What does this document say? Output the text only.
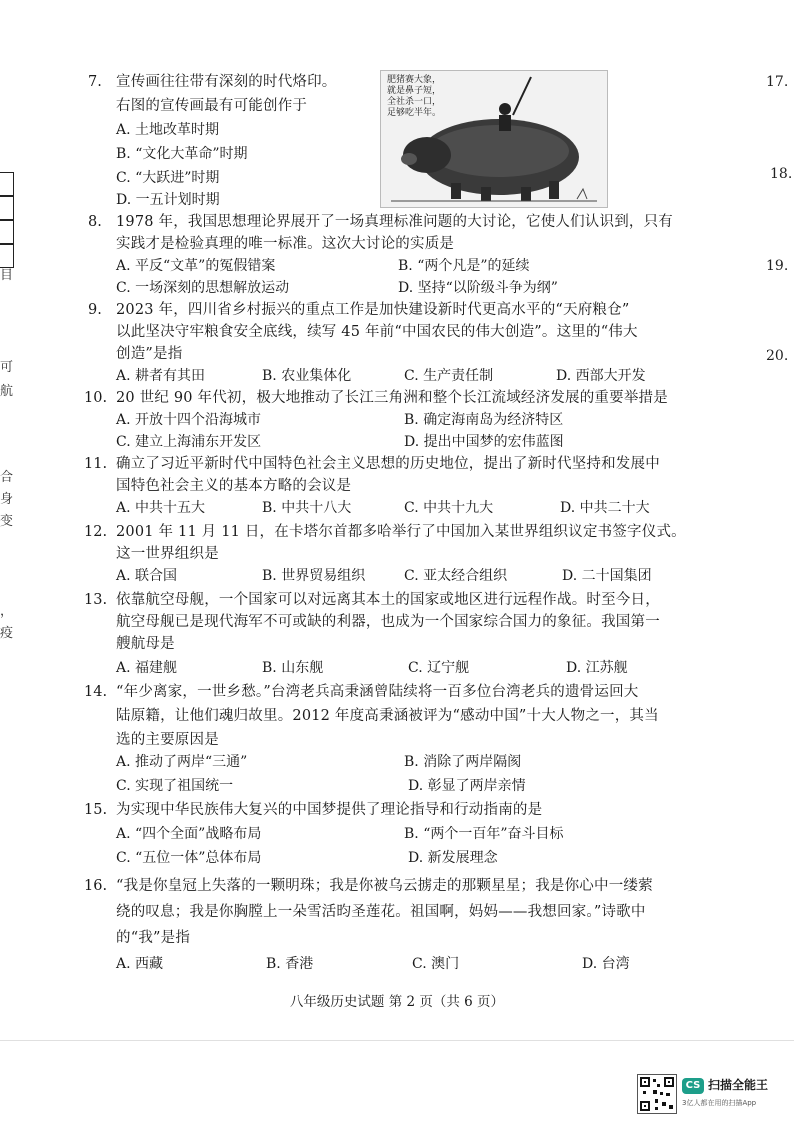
目
可
航
合
身
变
，
疫
17.
18.
19.
20.
7. 宣传画往往带有深刻的时代烙印。
右图的宣传画最有可能创作于
A. 土地改革时期
B. “文化大革命”时期
C. “大跃进”时期
D. 一五计划时期
肥猪赛大象，
就是鼻子短，
全社杀一口，
足够吃半年。
8. 1978 年，我国思想理论界展开了一场真理标准问题的大讨论，它使人们认识到，只有
实践才是检验真理的唯一标准。这次大讨论的实质是
A. 平反“文革”的冤假错案	B. “两个凡是”的延续
C. 一场深刻的思想解放运动	D. 坚持“以阶级斗争为纲”
9. 2023 年，四川省乡村振兴的重点工作是加快建设新时代更高水平的“天府粮仓”
以此坚决守牢粮食安全底线，续写 45 年前“中国农民的伟大创造”。这里的“伟大
创造”是指
A. 耕者有其田	B. 农业集体化	C. 生产责任制	D. 西部大开发
10. 20 世纪 90 年代初，极大地推动了长江三角洲和整个长江流域经济发展的重要举措是
A. 开放十四个沿海城市	B. 确定海南岛为经济特区
C. 建立上海浦东开发区	D. 提出中国梦的宏伟蓝图
11. 确立了习近平新时代中国特色社会主义思想的历史地位，提出了新时代坚持和发展中
国特色社会主义的基本方略的会议是
A. 中共十五大	B. 中共十八大	C. 中共十九大	D. 中共二十大
12. 2001 年 11 月 11 日，在卡塔尔首都多哈举行了中国加入某世界组织议定书签字仪式。
这一世界组织是
A. 联合国	B. 世界贸易组织	C. 亚太经合组织	D. 二十国集团
13. 依靠航空母舰，一个国家可以对远离其本土的国家或地区进行远程作战。时至今日，
航空母舰已是现代海军不可或缺的利器，也成为一个国家综合国力的象征。我国第一
艘航母是
A. 福建舰	B. 山东舰	C. 辽宁舰	D. 江苏舰
14. “年少离家，一世乡愁。”台湾老兵高秉涵曾陆续将一百多位台湾老兵的遗骨运回大
陆原籍，让他们魂归故里。2012 年度高秉涵被评为“感动中国”十大人物之一，其当
选的主要原因是
A. 推动了两岸“三通”	B. 消除了两岸隔阂
C. 实现了祖国统一	D. 彰显了两岸亲情
15. 为实现中华民族伟大复兴的中国梦提供了理论指导和行动指南的是
A. “四个全面”战略布局	B. “两个一百年”奋斗目标
C. “五位一体”总体布局	D. 新发展理念
16. “我是你皇冠上失落的一颗明珠；我是你被乌云掳走的那颗星星；我是你心中一缕萦
绕的叹息；我是你胸膛上一朵雪活昀圣莲花。祖国啊，妈妈——我想回家。”诗歌中
的“我”是指
A. 西藏	B. 香港	C. 澳门	D. 台湾
八年级历史试题 第 2 页（共 6 页）
CS 扫描全能王
3亿人都在用的扫描App
